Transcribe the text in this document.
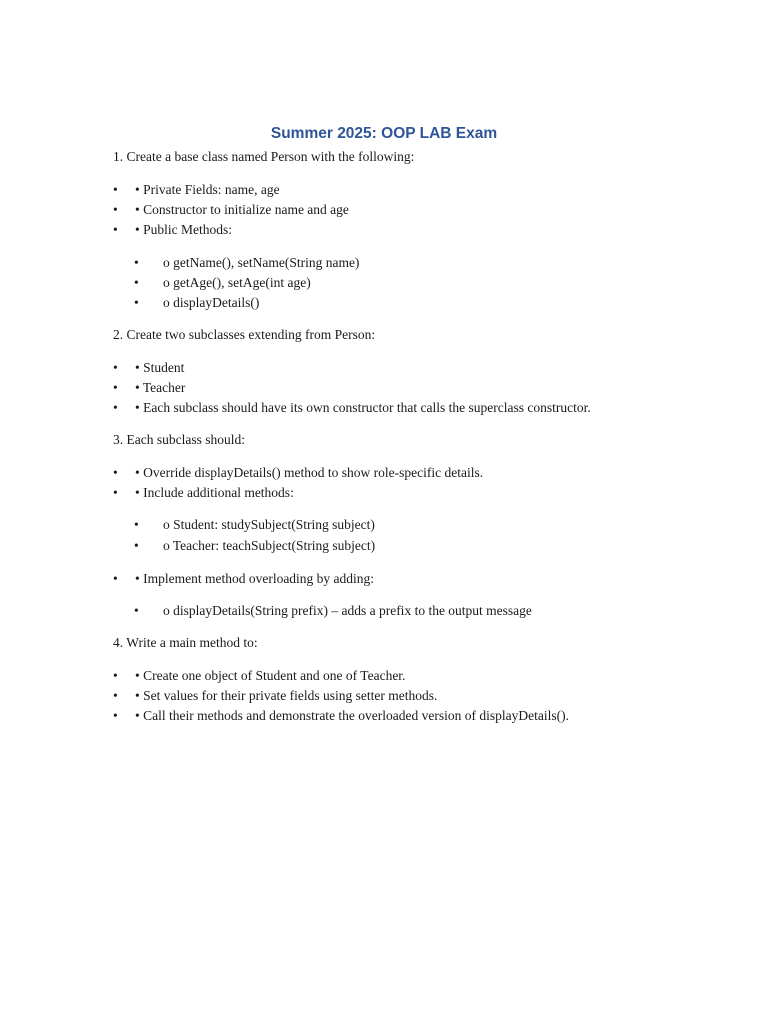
Summer 2025: OOP LAB Exam
1. Create a base class named Person with the following:
• • Private Fields: name, age
• • Constructor to initialize name and age
• • Public Methods:
• o getName(), setName(String name)
• o getAge(), setAge(int age)
• o displayDetails()
2. Create two subclasses extending from Person:
• • Student
• • Teacher
• • Each subclass should have its own constructor that calls the superclass constructor.
3. Each subclass should:
• • Override displayDetails() method to show role-specific details.
• • Include additional methods:
• o Student: studySubject(String subject)
• o Teacher: teachSubject(String subject)
• • Implement method overloading by adding:
• o displayDetails(String prefix) – adds a prefix to the output message
4. Write a main method to:
• • Create one object of Student and one of Teacher.
• • Set values for their private fields using setter methods.
• • Call their methods and demonstrate the overloaded version of displayDetails().
